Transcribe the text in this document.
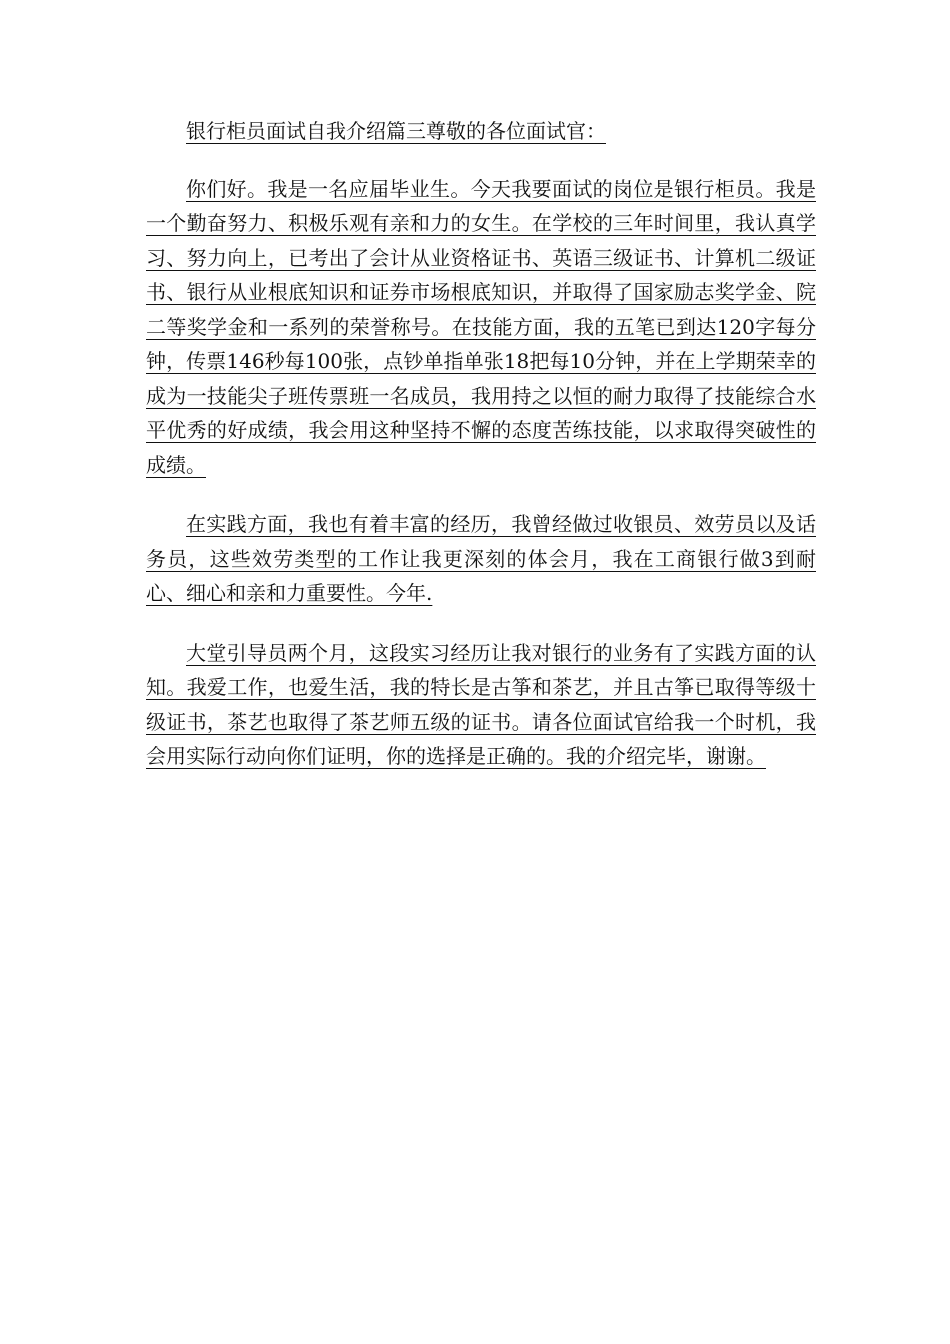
银行柜员面试自我介绍篇三尊敬的各位面试官：

你们好。我是一名应届毕业生。今天我要面试的岗位是银行柜员。我是一个勤奋努力、积极乐观有亲和力的女生。在学校的三年时间里，我认真学习、努力向上，已考出了会计从业资格证书、英语三级证书、计算机二级证书、银行从业根底知识和证券市场根底知识，并取得了国家励志奖学金、院二等奖学金和一系列的荣誉称号。在技能方面，我的五笔已到达120字每分钟，传票146秒每100张，点钞单指单张18把每10分钟，并在上学期荣幸的成为一技能尖子班传票班一名成员，我用持之以恒的耐力取得了技能综合水平优秀的好成绩，我会用这种坚持不懈的态度苦练技能，以求取得突破性的成绩。

在实践方面，我也有着丰富的经历，我曾经做过收银员、效劳员以及话务员，这些效劳类型的工作让我更深刻的体会月，我在工商银行做3到耐心、细心和亲和力重要性。今年.

大堂引导员两个月，这段实习经历让我对银行的业务有了实践方面的认知。我爱工作，也爱生活，我的特长是古筝和茶艺，并且古筝已取得等级十级证书，茶艺也取得了茶艺师五级的证书。请各位面试官给我一个时机，我会用实际行动向你们证明，你的选择是正确的。我的介绍完毕，谢谢。
